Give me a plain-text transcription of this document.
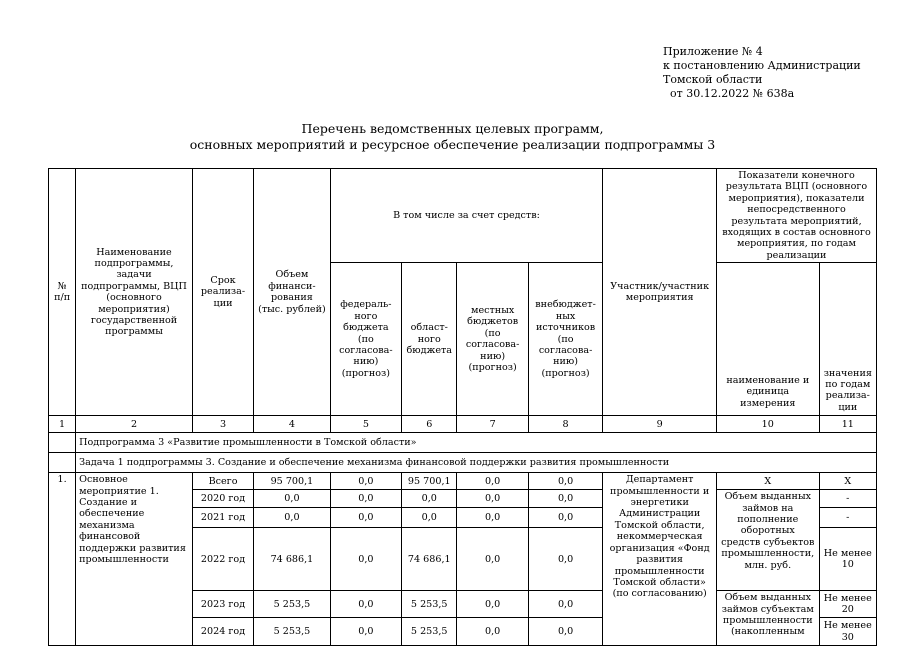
Приложение № 4
к постановлению Администрации
Томской области
от 30.12.2022 № 638а
Перечень ведомственных целевых программ,
основных мероприятий и ресурсное обеспечение реализации подпрограммы 3
№ п/п	Наименование подпрограммы, задачи подпрограммы, ВЦП (основного мероприятия) государственной программы	Срок реализа-ции	Объем финанси-рования (тыс. рублей)	В том числе за счет средств:				Участник/участник мероприятия	Показатели конечного результата ВЦП (основного мероприятия), показатели непосредственного результата мероприятий, входящих в состав основного мероприятия, по годам реализации	
				федераль-ного бюджета (по согласова-нию) (прогноз)	област-ного бюджета	местных бюджетов (по согласова-нию) (прогноз)	внебюджет-ных источников (по согласова-нию) (прогноз)		наименование и единица измерения	значения по годам реализа-ции
1	2	3	4	5	6	7	8	9	10	11
	Подпрограмма 3 «Развитие промышленности в Томской области»									
	Задача 1 подпрограммы 3. Создание и обеспечение механизма финансовой поддержки развития промышленности									
1.	Основное мероприятие 1. Создание и обеспечение механизма финансовой поддержки развития промышленности	Всего	95 700,1	0,0	95 700,1	0,0	0,0	Департамент промышленности и энергетики Администрации Томской области, некоммерческая организация «Фонд развития промышленности Томской области» (по согласованию)	Х	Х
		2020 год	0,0	0,0	0,0	0,0	0,0		Объем выданных займов на пополнение оборотных средств субъектов промышленности, млн. руб.	-
		2021 год	0,0	0,0	0,0	0,0	0,0			-
		2022 год	74 686,1	0,0	74 686,1	0,0	0,0			Не менее 10
		2023 год	5 253,5	0,0	5 253,5	0,0	0,0		Объем выданных займов субъектам промышленности (накопленным	Не менее 20
		2024 год	5 253,5	0,0	5 253,5	0,0	0,0			Не менее 30
